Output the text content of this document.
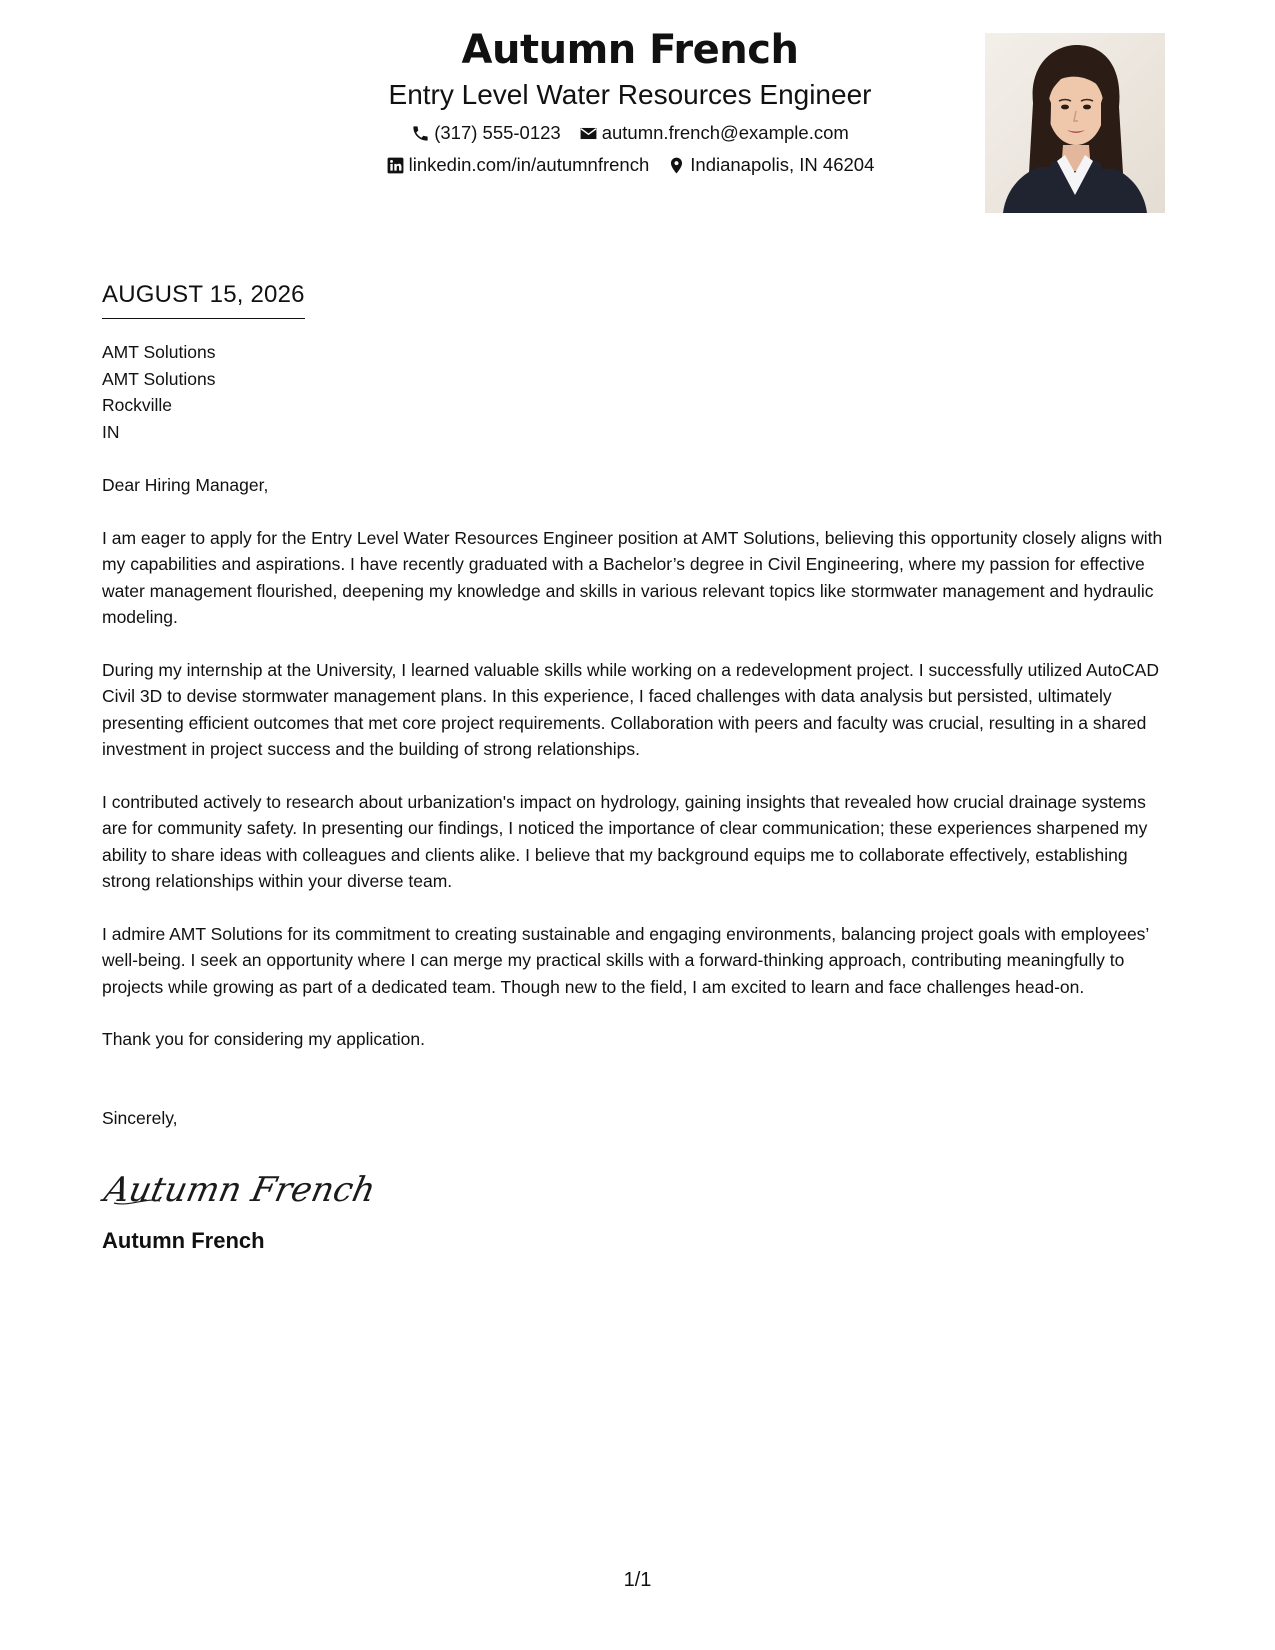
Autumn French
Entry Level Water Resources Engineer
(317) 555-0123 autumn.french@example.com
linkedin.com/in/autumnfrench Indianapolis, IN 46204
AUGUST 15, 2026
AMT Solutions
AMT Solutions
Rockville
IN
Dear Hiring Manager,

I am eager to apply for the Entry Level Water Resources Engineer position at AMT Solutions, believing this opportunity closely aligns with my capabilities and aspirations. I have recently graduated with a Bachelor’s degree in Civil Engineering, where my passion for effective water management flourished, deepening my knowledge and skills in various relevant topics like stormwater management and hydraulic modeling.

During my internship at the University, I learned valuable skills while working on a redevelopment project. I successfully utilized AutoCAD Civil 3D to devise stormwater management plans. In this experience, I faced challenges with data analysis but persisted, ultimately presenting efficient outcomes that met core project requirements. Collaboration with peers and faculty was crucial, resulting in a shared investment in project success and the building of strong relationships.

I contributed actively to research about urbanization's impact on hydrology, gaining insights that revealed how crucial drainage systems are for community safety. In presenting our findings, I noticed the importance of clear communication; these experiences sharpened my ability to share ideas with colleagues and clients alike. I believe that my background equips me to collaborate effectively, establishing strong relationships within your diverse team.

I admire AMT Solutions for its commitment to creating sustainable and engaging environments, balancing project goals with employees’ well-being. I seek an opportunity where I can merge my practical skills with a forward-thinking approach, contributing meaningfully to projects while growing as part of a dedicated team. Though new to the field, I am excited to learn and face challenges head-on.

Thank you for considering my application.
Sincerely,
Autumn French
Autumn French
1/1
